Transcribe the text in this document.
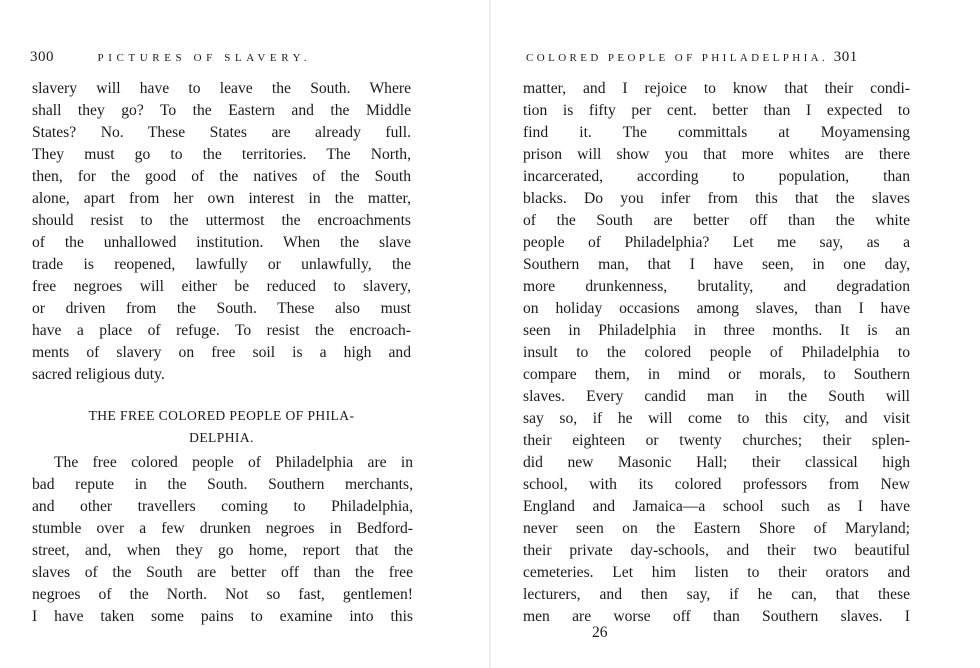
300	PICTURES OF SLAVERY.
slavery will have to leave the South. Where
shall they go? To the Eastern and the Middle
States? No. These States are already full.
They must go to the territories. The North,
then, for the good of the natives of the South
alone, apart from her own interest in the matter,
should resist to the uttermost the encroachments
of the unhallowed institution. When the slave
trade is reopened, lawfully or unlawfully, the
free negroes will either be reduced to slavery,
or driven from the South. These also must
have a place of refuge. To resist the encroach-
ments of slavery on free soil is a high and
sacred religious duty.
THE FREE COLORED PEOPLE OF PHILA-
DELPHIA.
The free colored people of Philadelphia are in
bad repute in the South. Southern merchants,
and other travellers coming to Philadelphia,
stumble over a few drunken negroes in Bedford-
street, and, when they go home, report that the
slaves of the South are better off than the free
negroes of the North. Not so fast, gentlemen!
I have taken some pains to examine into this
COLORED PEOPLE OF PHILADELPHIA. 301
matter, and I rejoice to know that their condi-
tion is fifty per cent. better than I expected to
find it. The committals at Moyamensing
prison will show you that more whites are there
incarcerated, according to population, than
blacks. Do you infer from this that the slaves
of the South are better off than the white
people of Philadelphia? Let me say, as a
Southern man, that I have seen, in one day,
more drunkenness, brutality, and degradation
on holiday occasions among slaves, than I have
seen in Philadelphia in three months. It is an
insult to the colored people of Philadelphia to
compare them, in mind or morals, to Southern
slaves. Every candid man in the South will
say so, if he will come to this city, and visit
their eighteen or twenty churches; their splen-
did new Masonic Hall; their classical high
school, with its colored professors from New
England and Jamaica—a school such as I have
never seen on the Eastern Shore of Maryland;
their private day-schools, and their two beautiful
cemeteries. Let him listen to their orators and
lecturers, and then say, if he can, that these
men are worse off than Southern slaves. I
26
